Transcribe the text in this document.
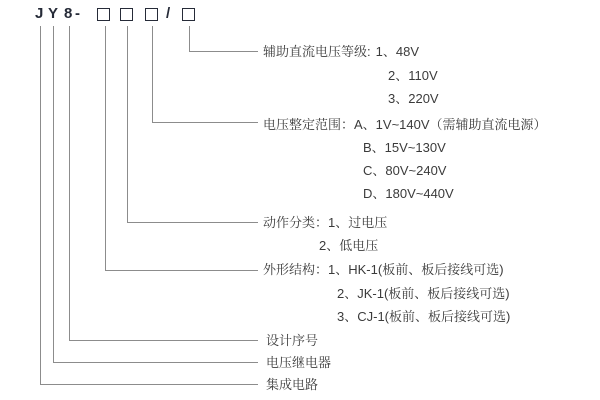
J Y 8 -	/
辅助直流电压等级: 1、48V
2、110V
3、220V
电压整定范围：A、1V~140V（需辅助直流电源）
B、15V~130V
C、80V~240V
D、180V~440V
动作分类：1、过电压
2、低电压
外形结构：1、HK-1(板前、板后接线可选)
2、JK-1(板前、板后接线可选)
3、CJ-1(板前、板后接线可选)
设计序号
电压继电器
集成电路
